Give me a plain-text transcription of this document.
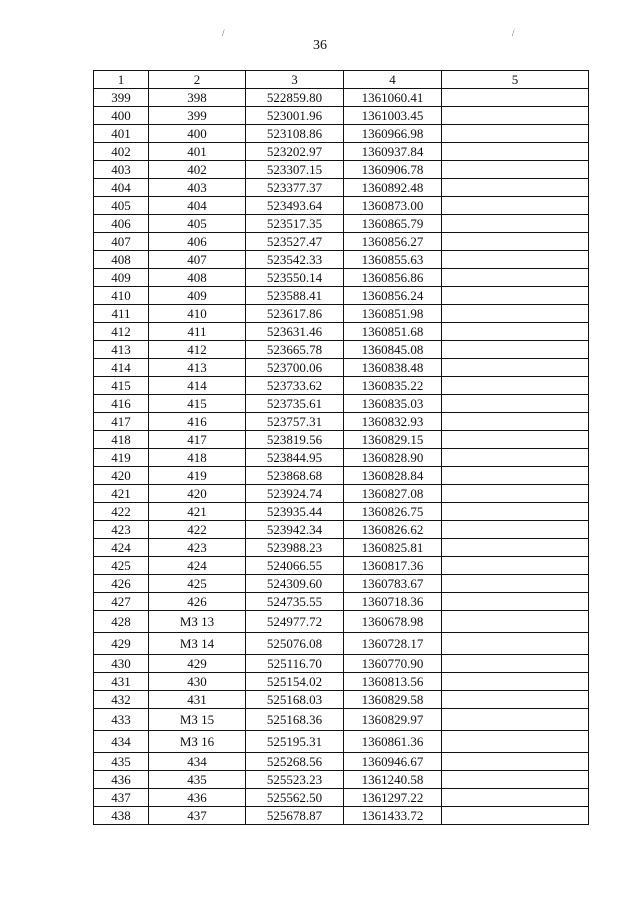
/	/
36
1	2	3	4	5
399	398	522859.80	1361060.41	
400	399	523001.96	1361003.45	
401	400	523108.86	1360966.98	
402	401	523202.97	1360937.84	
403	402	523307.15	1360906.78	
404	403	523377.37	1360892.48	
405	404	523493.64	1360873.00	
406	405	523517.35	1360865.79	
407	406	523527.47	1360856.27	
408	407	523542.33	1360855.63	
409	408	523550.14	1360856.86	
410	409	523588.41	1360856.24	
411	410	523617.86	1360851.98	
412	411	523631.46	1360851.68	
413	412	523665.78	1360845.08	
414	413	523700.06	1360838.48	
415	414	523733.62	1360835.22	
416	415	523735.61	1360835.03	
417	416	523757.31	1360832.93	
418	417	523819.56	1360829.15	
419	418	523844.95	1360828.90	
420	419	523868.68	1360828.84	
421	420	523924.74	1360827.08	
422	421	523935.44	1360826.75	
423	422	523942.34	1360826.62	
424	423	523988.23	1360825.81	
425	424	524066.55	1360817.36	
426	425	524309.60	1360783.67	
427	426	524735.55	1360718.36	
428	МЗ 13	524977.72	1360678.98	
429	МЗ 14	525076.08	1360728.17	
430	429	525116.70	1360770.90	
431	430	525154.02	1360813.56	
432	431	525168.03	1360829.58	
433	МЗ 15	525168.36	1360829.97	
434	МЗ 16	525195.31	1360861.36	
435	434	525268.56	1360946.67	
436	435	525523.23	1361240.58	
437	436	525562.50	1361297.22	
438	437	525678.87	1361433.72	
